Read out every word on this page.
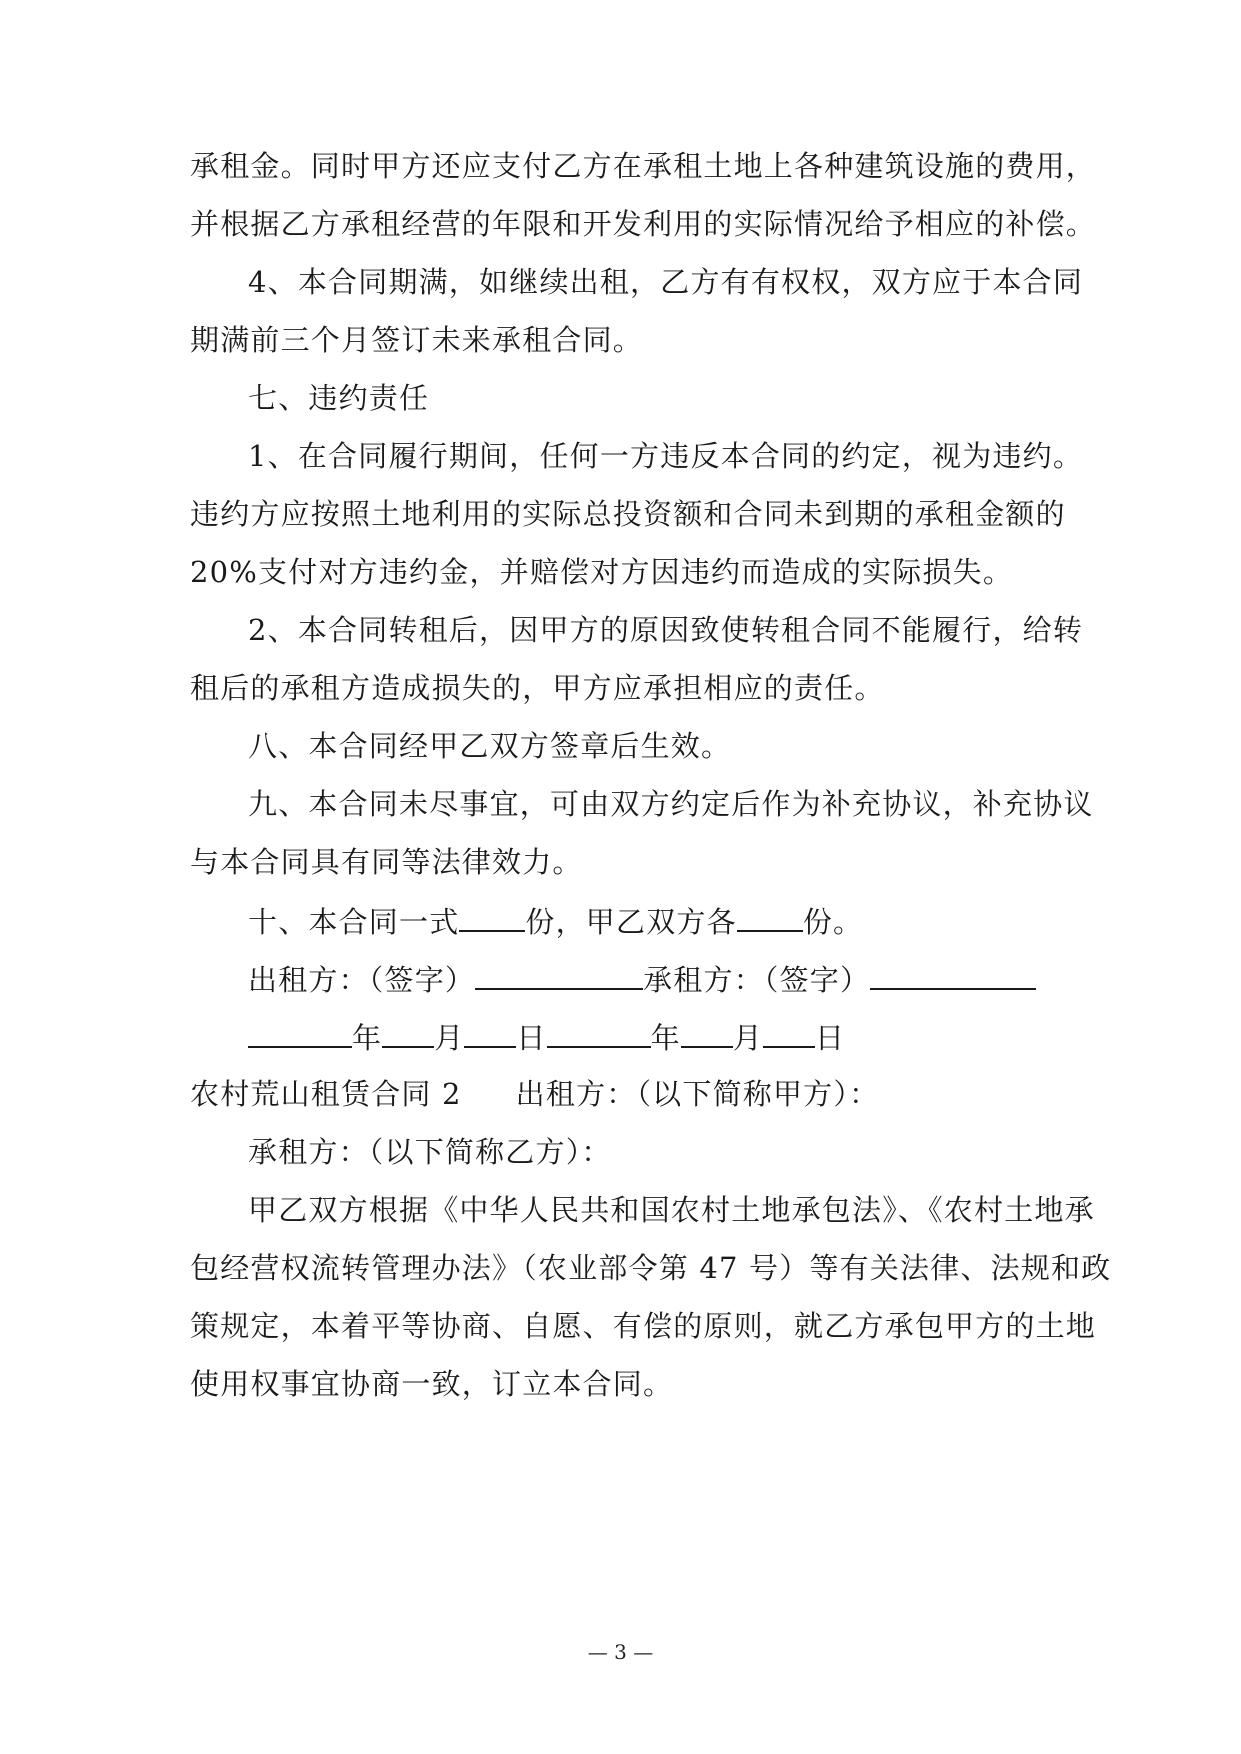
承租金。同时甲方还应支付乙方在承租土地上各种建筑设施的费用，
并根据乙方承租经营的年限和开发利用的实际情况给予相应的补偿。
4、本合同期满，如继续出租，乙方有有权权，双方应于本合同
期满前三个月签订未来承租合同。
七、违约责任
1、在合同履行期间，任何一方违反本合同的约定，视为违约。
违约方应按照土地利用的实际总投资额和合同未到期的承租金额的
20%支付对方违约金，并赔偿对方因违约而造成的实际损失。
2、本合同转租后，因甲方的原因致使转租合同不能履行，给转
租后的承租方造成损失的，甲方应承担相应的责任。
八、本合同经甲乙双方签章后生效。
九、本合同未尽事宜，可由双方约定后作为补充协议，补充协议
与本合同具有同等法律效力。
十、本合同一式 份，甲乙双方各 份。
出租方：（签字）	承租方：（签字）
年 月 日	年 月 日
农村荒山租赁合同 2 出租方：（以下简称甲方）：
承租方：（以下简称乙方）：
甲乙双方根据《中华人民共和国农村土地承包法》、《农村土地承
包经营权流转管理办法》（农业部令第 47 号）等有关法律、法规和政
策规定，本着平等协商、自愿、有偿的原则，就乙方承包甲方的土地
使用权事宜协商一致，订立本合同。
— 3 —
